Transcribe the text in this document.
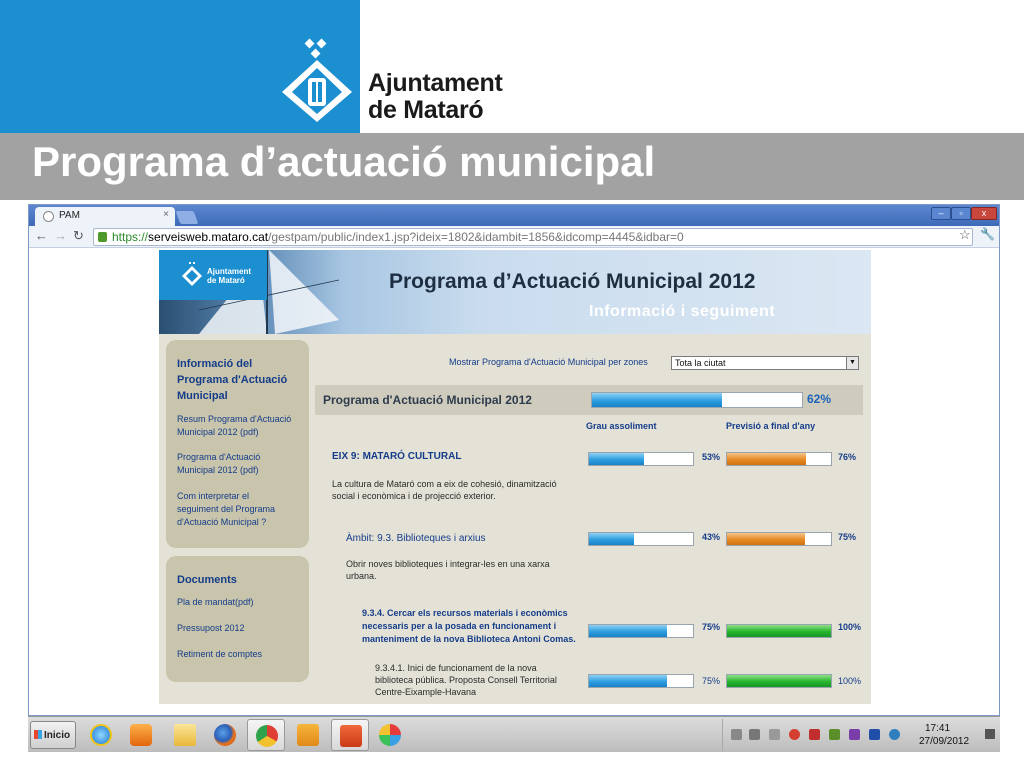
Ajuntament
de Mataró
Programa d’actuació municipal
PAM	×	–	▫	x
← → ↻	https://serveisweb.mataro.cat/gestpam/public/index1.jsp?ideix=1802&idambit=1856&idcomp=4445&idbar=0	☆ 🔧
Ajuntament
de Mataró	Programa d’Actuació Municipal 2012
Informació i seguiment
Informació del
Programa d'Actuació
Municipal
Resum Programa d'Actuació
Municipal 2012 (pdf)
Programa d'Actuació
Municipal 2012 (pdf)
Com interpretar el
seguiment del Programa
d'Actuació Municipal ?
Documents
Pla de mandat(pdf)
Pressupost 2012
Retiment de comptes
Mostrar Programa d'Actuació Municipal per zones	Tota la ciutat	▼
Programa d'Actuació Municipal 2012	62%
Grau assoliment	Previsió a final d'any
EIX 9: MATARÓ CULTURAL
La cultura de Mataró com a eix de cohesió, dinamització
social i econòmica i de projecció exterior.
53%	76%
Àmbit: 9.3. Biblioteques i arxius
Obrir noves biblioteques i integrar-les en una xarxa
urbana.
43%	75%
9.3.4. Cercar els recursos materials i econòmics
necessaris per a la posada en funcionament i
manteniment de la nova Biblioteca Antoni Comas.
75%	100%
9.3.4.1. Inici de funcionament de la nova
biblioteca pública. Proposta Consell Territorial
Centre-Eixample-Havana
75%	100%
Inicio
17:41
27/09/2012
